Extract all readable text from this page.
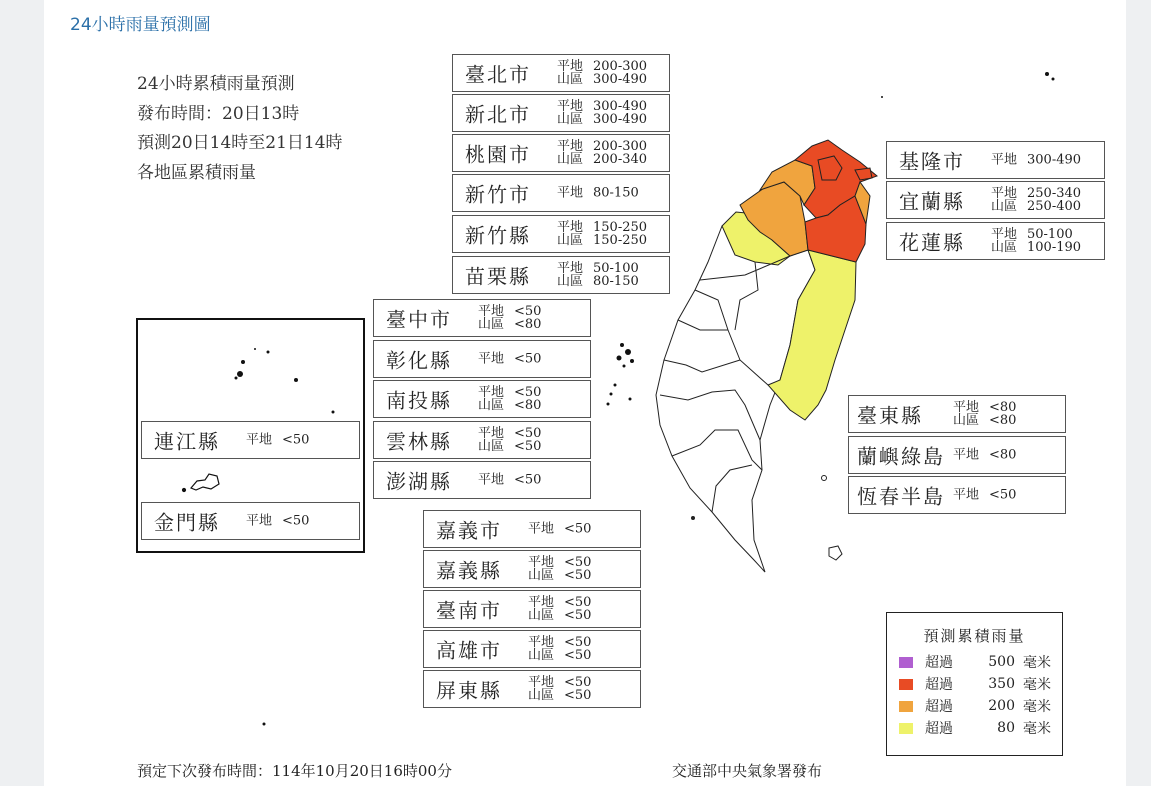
24小時雨量預測圖
24小時累積雨量預測
發布時間：20日13時
預測20日14時至21日14時
各地區累積雨量
臺北市 平地 200-300
山區 300-490
新北市 平地 300-490
山區 300-490
桃園市 平地 200-300
山區 200-340
新竹市 平地 80-150
新竹縣 平地 150-250
山區 150-250
苗栗縣 平地 50-100
山區 80-150
臺中市 平地 <50
山區 <80
彰化縣 平地 <50
南投縣 平地 <50
山區 <80
雲林縣 平地 <50
山區 <50
澎湖縣 平地 <50
嘉義市 平地 <50
嘉義縣 平地 <50
山區 <50
臺南市 平地 <50
山區 <50
高雄市 平地 <50
山區 <50
屏東縣 平地 <50
山區 <50
基隆市 平地 300-490
宜蘭縣 平地 250-340
山區 250-400
花蓮縣 平地 50-100
山區 100-190
臺東縣 平地 <80
山區 <80
蘭嶼綠島 平地 <80
恆春半島 平地 <50
連江縣 平地 <50
金門縣 平地 <50
預測累積雨量
超過	500 毫米
超過	350 毫米
超過	200 毫米
超過	80 毫米
預定下次發布時間：114年10月20日16時00分	交通部中央氣象署發布
